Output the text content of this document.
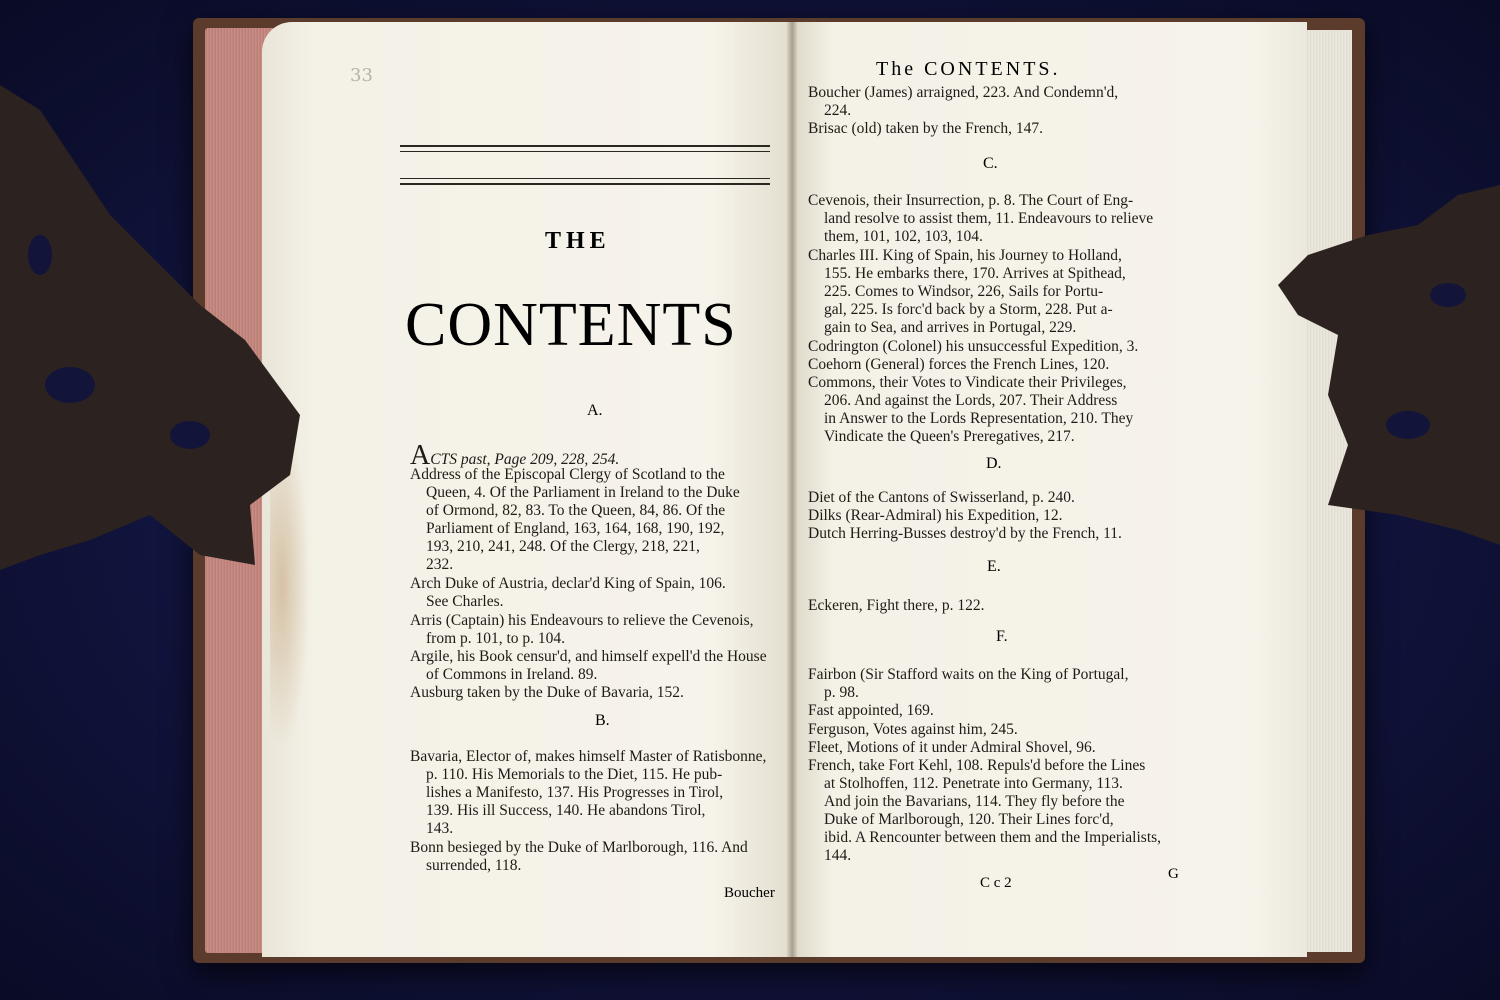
33
THE
CONTENTS
A.
ACTS past, Page 209, 228, 254.
Address of the Episcopal Clergy of Scotland to the
Queen, 4. Of the Parliament in Ireland to the Duke
of Ormond, 82, 83. To the Queen, 84, 86. Of the
Parliament of England, 163, 164, 168, 190, 192,
193, 210, 241, 248. Of the Clergy, 218, 221,
232.
Arch Duke of Austria, declar'd King of Spain, 106.
See Charles.
Arris (Captain) his Endeavours to relieve the Cevenois,
from p. 101, to p. 104.
Argile, his Book censur'd, and himself expell'd the House
of Commons in Ireland. 89.
Ausburg taken by the Duke of Bavaria, 152.
Bavaria, Elector of, makes himself Master of Ratisbonne,
p. 110. His Memorials to the Diet, 115. He pub-
lishes a Manifesto, 137. His Progresses in Tirol,
139. His ill Success, 140. He abandons Tirol,
143.
Bonn besieged by the Duke of Marlborough, 116. And
surrended, 118.
B.
Boucher
The CONTENTS.
C.
D.
E.
F.
C c 2
G
Boucher (James) arraigned, 223. And Condemn'd,
224.
Brisac (old) taken by the French, 147.
Cevenois, their Insurrection, p. 8. The Court of Eng-
land resolve to assist them, 11. Endeavours to relieve
them, 101, 102, 103, 104.
Charles III. King of Spain, his Journey to Holland,
155. He embarks there, 170. Arrives at Spithead,
225. Comes to Windsor, 226, Sails for Portu-
gal, 225. Is forc'd back by a Storm, 228. Put a-
gain to Sea, and arrives in Portugal, 229.
Codrington (Colonel) his unsuccessful Expedition, 3.
Coehorn (General) forces the French Lines, 120.
Commons, their Votes to Vindicate their Privileges,
206. And against the Lords, 207. Their Address
in Answer to the Lords Representation, 210. They
Vindicate the Queen's Preregatives, 217.
Diet of the Cantons of Swisserland, p. 240.
Dilks (Rear-Admiral) his Expedition, 12.
Dutch Herring-Busses destroy'd by the French, 11.
Eckeren, Fight there, p. 122.
Fairbon (Sir Stafford waits on the King of Portugal,
p. 98.
Fast appointed, 169.
Ferguson, Votes against him, 245.
Fleet, Motions of it under Admiral Shovel, 96.
French, take Fort Kehl, 108. Repuls'd before the Lines
at Stolhoffen, 112. Penetrate into Germany, 113.
And join the Bavarians, 114. They fly before the
Duke of Marlborough, 120. Their Lines forc'd,
ibid. A Rencounter between them and the Imperialists,
144.
